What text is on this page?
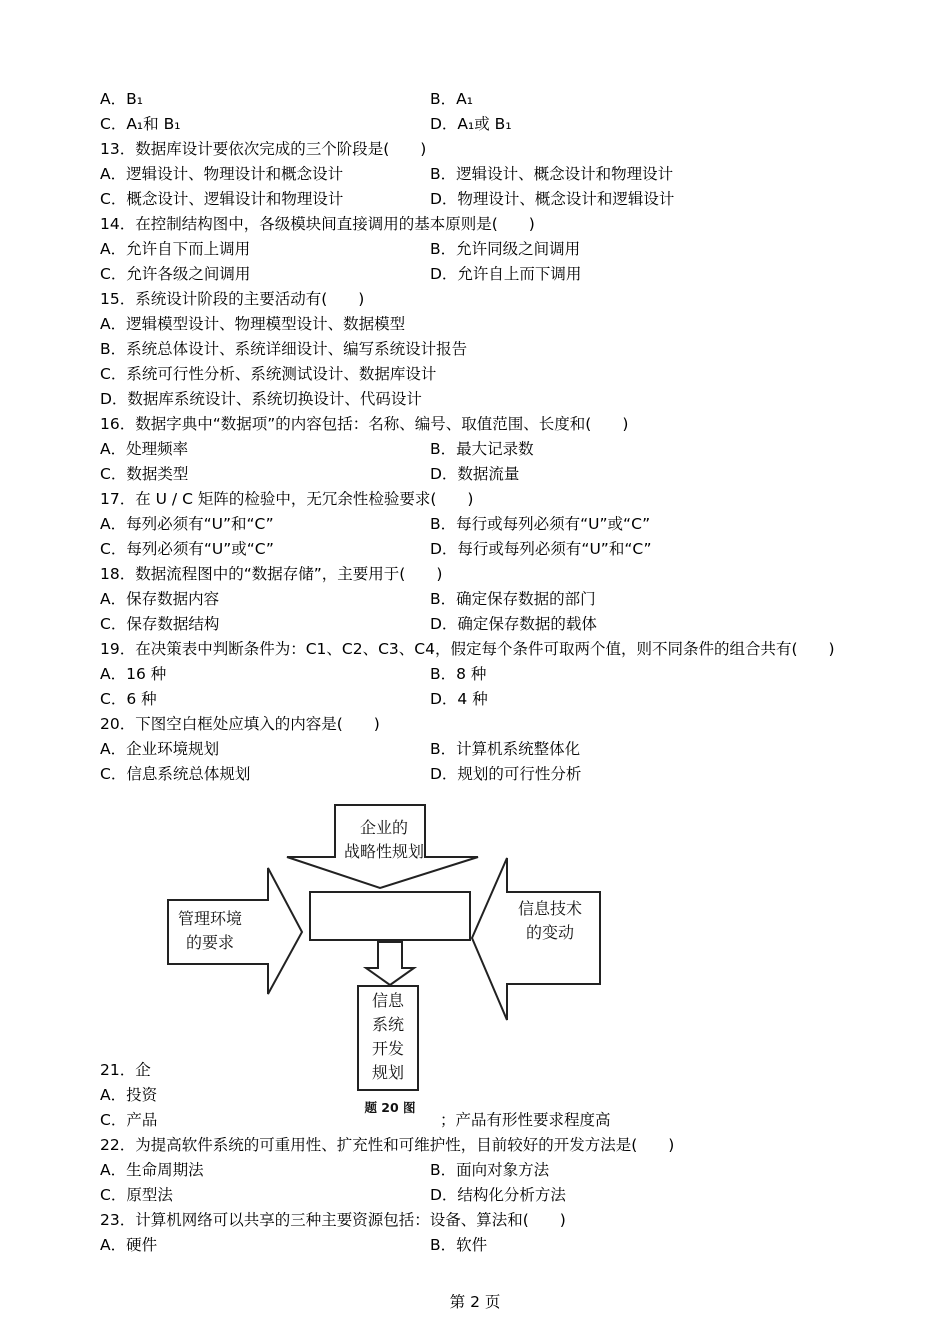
A．B₁	B．A₁
C．A₁和 B₁	D．A₁或 B₁
13．数据库设计要依次完成的三个阶段是(　　)
A．逻辑设计、物理设计和概念设计	B．逻辑设计、概念设计和物理设计
C．概念设计、逻辑设计和物理设计	D．物理设计、概念设计和逻辑设计
14．在控制结构图中，各级模块间直接调用的基本原则是(　　)
A．允许自下而上调用	B．允许同级之间调用
C．允许各级之间调用	D．允许自上而下调用
15．系统设计阶段的主要活动有(　　)
A．逻辑模型设计、物理模型设计、数据模型
B．系统总体设计、系统详细设计、编写系统设计报告
C．系统可行性分析、系统测试设计、数据库设计
D．数据库系统设计、系统切换设计、代码设计
16．数据字典中“数据项”的内容包括：名称、编号、取值范围、长度和(　　)
A．处理频率	B．最大记录数
C．数据类型	D．数据流量
17．在 U / C 矩阵的检验中，无冗余性检验要求(　　)
A．每列必须有“U”和“C”	B．每行或每列必须有“U”或“C”
C．每列必须有“U”或“C”	D．每行或每列必须有“U”和“C”
18．数据流程图中的“数据存储”，主要用于(　　)
A．保存数据内容	B．确定保存数据的部门
C．保存数据结构	D．确定保存数据的载体
19．在决策表中判断条件为：C1、C2、C3、C4，假定每个条件可取两个值，则不同条件的组合共有(　　)
A．16 种	B．8 种
C．6 种	D．4 种
20．下图空白框处应填入的内容是(　　)
A．企业环境规划	B．计算机系统整体化
C．信息系统总体规划	D．规划的可行性分析
企业的
战略性规划
管理环境
的要求
信息技术
的变动
信息
系统
开发
规划
题 20 图
21．企
A．投资
C．产品	；产品有形性要求程度高
22．为提高软件系统的可重用性、扩充性和可维护性，目前较好的开发方法是(　　)
A．生命周期法	B．面向对象方法
C．原型法	D．结构化分析方法
23．计算机网络可以共享的三种主要资源包括：设备、算法和(　　)
A．硬件	B．软件
第 2 页
